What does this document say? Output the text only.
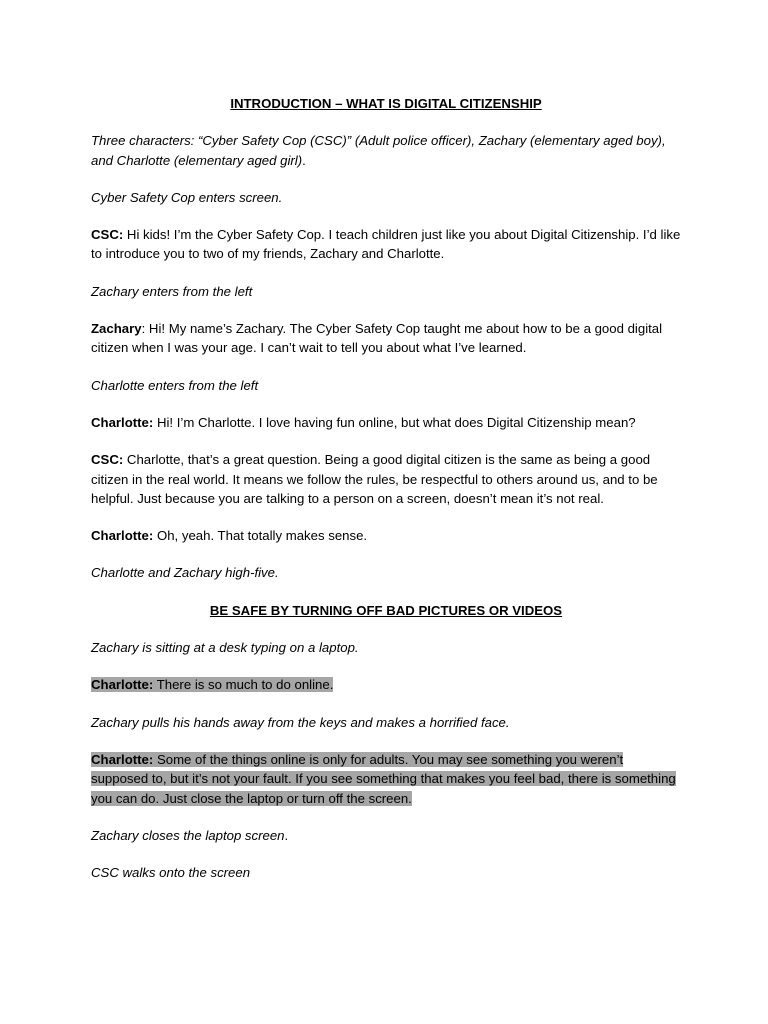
INTRODUCTION – WHAT IS DIGITAL CITIZENSHIP
Three characters: “Cyber Safety Cop (CSC)” (Adult police officer), Zachary (elementary aged boy), and Charlotte (elementary aged girl).
Cyber Safety Cop enters screen.
CSC: Hi kids! I’m the Cyber Safety Cop. I teach children just like you about Digital Citizenship. I’d like to introduce you to two of my friends, Zachary and Charlotte.
Zachary enters from the left
Zachary: Hi! My name’s Zachary. The Cyber Safety Cop taught me about how to be a good digital citizen when I was your age. I can’t wait to tell you about what I’ve learned.
Charlotte enters from the left
Charlotte: Hi! I’m Charlotte. I love having fun online, but what does Digital Citizenship mean?
CSC: Charlotte, that’s a great question. Being a good digital citizen is the same as being a good citizen in the real world. It means we follow the rules, be respectful to others around us, and to be helpful. Just because you are talking to a person on a screen, doesn’t mean it’s not real.
Charlotte: Oh, yeah. That totally makes sense.
Charlotte and Zachary high-five.
BE SAFE BY TURNING OFF BAD PICTURES OR VIDEOS
Zachary is sitting at a desk typing on a laptop.
Charlotte: There is so much to do online.
Zachary pulls his hands away from the keys and makes a horrified face.
Charlotte: Some of the things online is only for adults. You may see something you weren’t supposed to, but it’s not your fault. If you see something that makes you feel bad, there is something you can do. Just close the laptop or turn off the screen.
Zachary closes the laptop screen.
CSC walks onto the screen
